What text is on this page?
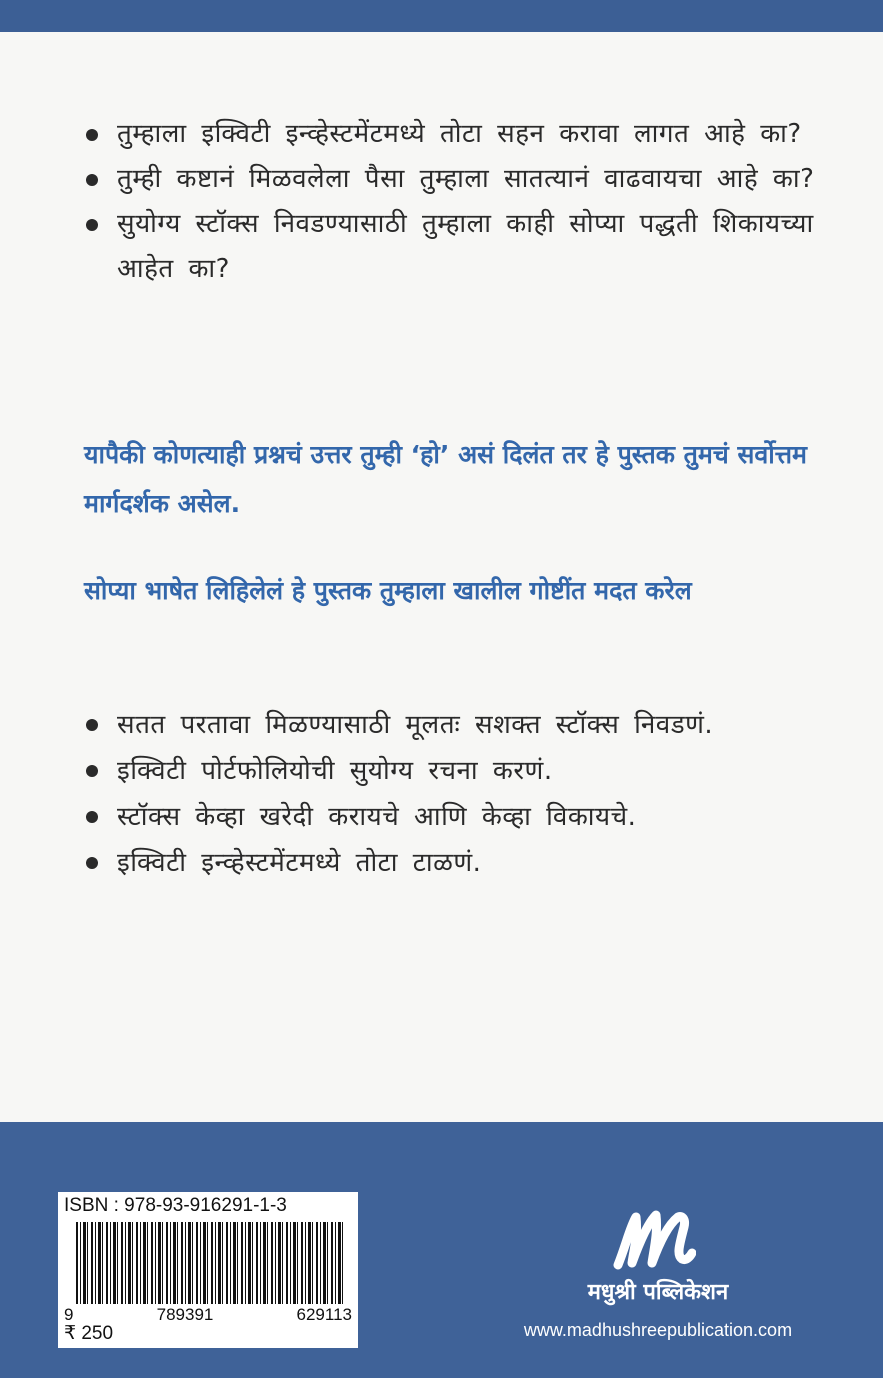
तुम्हाला इक्विटी इन्व्हेस्टमेंटमध्ये तोटा सहन करावा लागत आहे का?
तुम्ही कष्टानं मिळवलेला पैसा तुम्हाला सातत्यानं वाढवायचा आहे का?
सुयोग्य स्टॉक्स निवडण्यासाठी तुम्हाला काही सोप्या पद्धती शिकायच्या आहेत का?

यापैकी कोणत्याही प्रश्नचं उत्तर तुम्ही ‘हो’ असं दिलंत तर हे पुस्तक तुमचं सर्वोत्तम मार्गदर्शक असेल.

सोप्या भाषेत लिहिलेलं हे पुस्तक तुम्हाला खालील गोष्टींत मदत करेल

सतत परतावा मिळण्यासाठी मूलतः सशक्त स्टॉक्स निवडणं.
इक्विटी पोर्टफोलियोची सुयोग्य रचना करणं.
स्टॉक्स केव्हा खरेदी करायचे आणि केव्हा विकायचे.
इक्विटी इन्व्हेस्टमेंटमध्ये तोटा टाळणं.
ISBN : 978-93-916291-1-3
9	789391	629113
₹ 250
मधुश्री पब्लिकेशन
www.madhushreepublication.com
